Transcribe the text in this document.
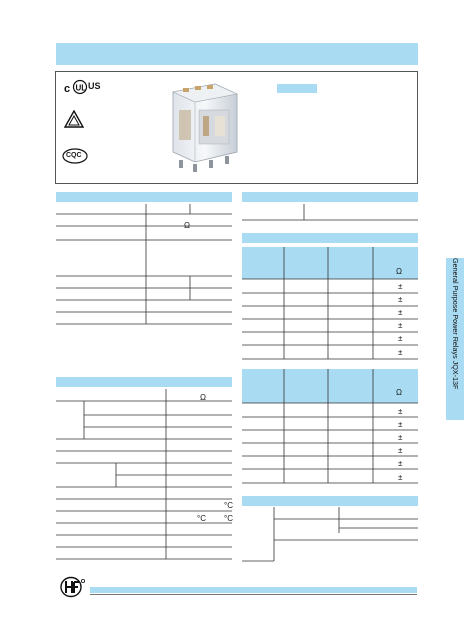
c UL US
CQC
Ω
Ω
°C
°C °C
Ω
±
±
±
±
±
±
Ω
±
±
±
±
±
±
General Purpose Power Relays JQX-13F
